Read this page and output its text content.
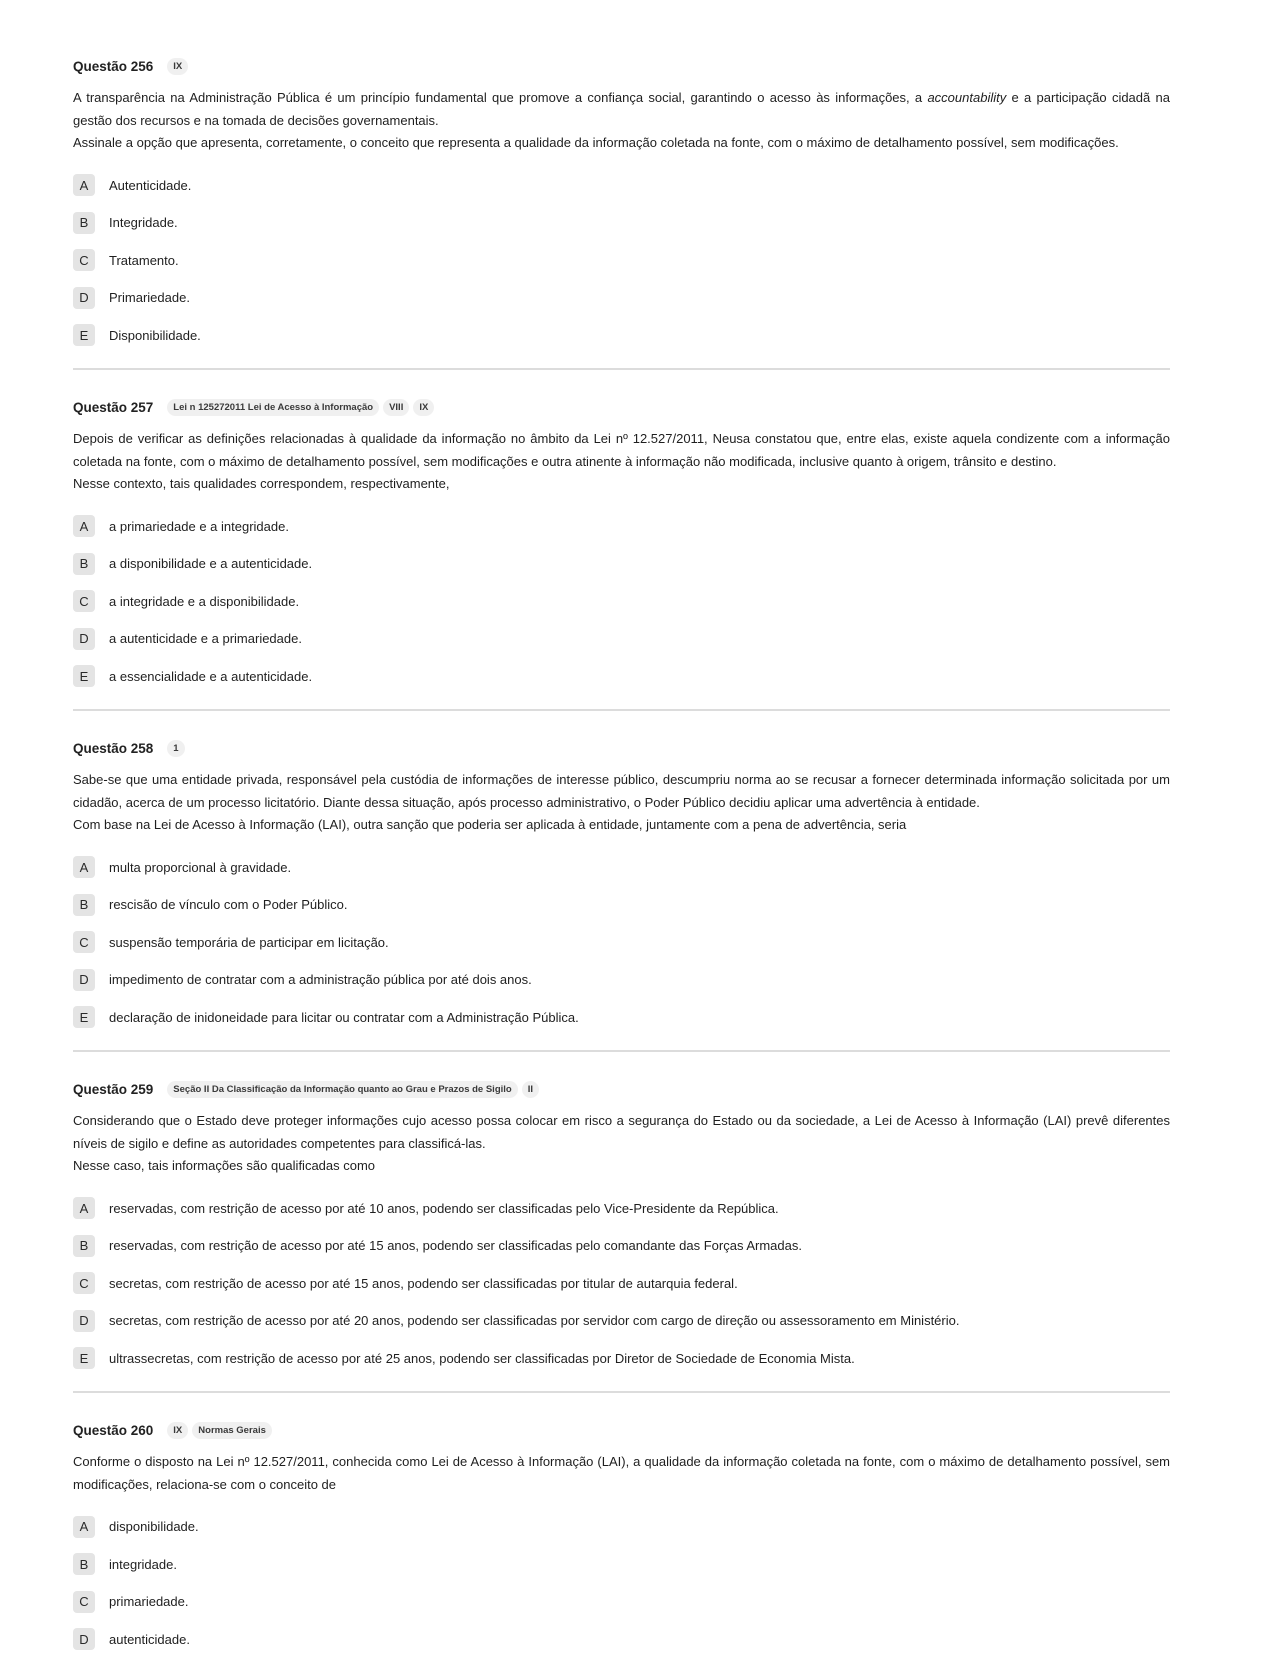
Questão 256	IX

A transparência na Administração Pública é um princípio fundamental que promove a confiança social, garantindo o acesso às informações, a accountability e a participação cidadã na gestão dos recursos e na tomada de decisões governamentais.

Assinale a opção que apresenta, corretamente, o conceito que representa a qualidade da informação coletada na fonte, com o máximo de detalhamento possível, sem modificações.

A	Autenticidade.
B	Integridade.
C	Tratamento.
D	Primariedade.
E	Disponibilidade.
Questão 257	Lei n 125272011 Lei de Acesso à Informação	VIII	IX

Depois de verificar as definições relacionadas à qualidade da informação no âmbito da Lei nº 12.527/2011, Neusa constatou que, entre elas, existe aquela condizente com a informação coletada na fonte, com o máximo de detalhamento possível, sem modificações e outra atinente à informação não modificada, inclusive quanto à origem, trânsito e destino.

Nesse contexto, tais qualidades correspondem, respectivamente,

A	a primariedade e a integridade.
B	a disponibilidade e a autenticidade.
C	a integridade e a disponibilidade.
D	a autenticidade e a primariedade.
E	a essencialidade e a autenticidade.
Questão 258	1

Sabe-se que uma entidade privada, responsável pela custódia de informações de interesse público, descumpriu norma ao se recusar a fornecer determinada informação solicitada por um cidadão, acerca de um processo licitatório. Diante dessa situação, após processo administrativo, o Poder Público decidiu aplicar uma advertência à entidade.

Com base na Lei de Acesso à Informação (LAI), outra sanção que poderia ser aplicada à entidade, juntamente com a pena de advertência, seria

A	multa proporcional à gravidade.
B	rescisão de vínculo com o Poder Público.
C	suspensão temporária de participar em licitação.
D	impedimento de contratar com a administração pública por até dois anos.
E	declaração de inidoneidade para licitar ou contratar com a Administração Pública.
Questão 259	Seção II Da Classificação da Informação quanto ao Grau e Prazos de Sigilo	II

Considerando que o Estado deve proteger informações cujo acesso possa colocar em risco a segurança do Estado ou da sociedade, a Lei de Acesso à Informação (LAI) prevê diferentes níveis de sigilo e define as autoridades competentes para classificá-las.

Nesse caso, tais informações são qualificadas como

A	reservadas, com restrição de acesso por até 10 anos, podendo ser classificadas pelo Vice-Presidente da República.
B	reservadas, com restrição de acesso por até 15 anos, podendo ser classificadas pelo comandante das Forças Armadas.
C	secretas, com restrição de acesso por até 15 anos, podendo ser classificadas por titular de autarquia federal.
D	secretas, com restrição de acesso por até 20 anos, podendo ser classificadas por servidor com cargo de direção ou assessoramento em Ministério.
E	ultrassecretas, com restrição de acesso por até 25 anos, podendo ser classificadas por Diretor de Sociedade de Economia Mista.
Questão 260	IX	Normas Gerais

Conforme o disposto na Lei nº 12.527/2011, conhecida como Lei de Acesso à Informação (LAI), a qualidade da informação coletada na fonte, com o máximo de detalhamento possível, sem modificações, relaciona-se com o conceito de

A	disponibilidade.
B	integridade.
C	primariedade.
D	autenticidade.
